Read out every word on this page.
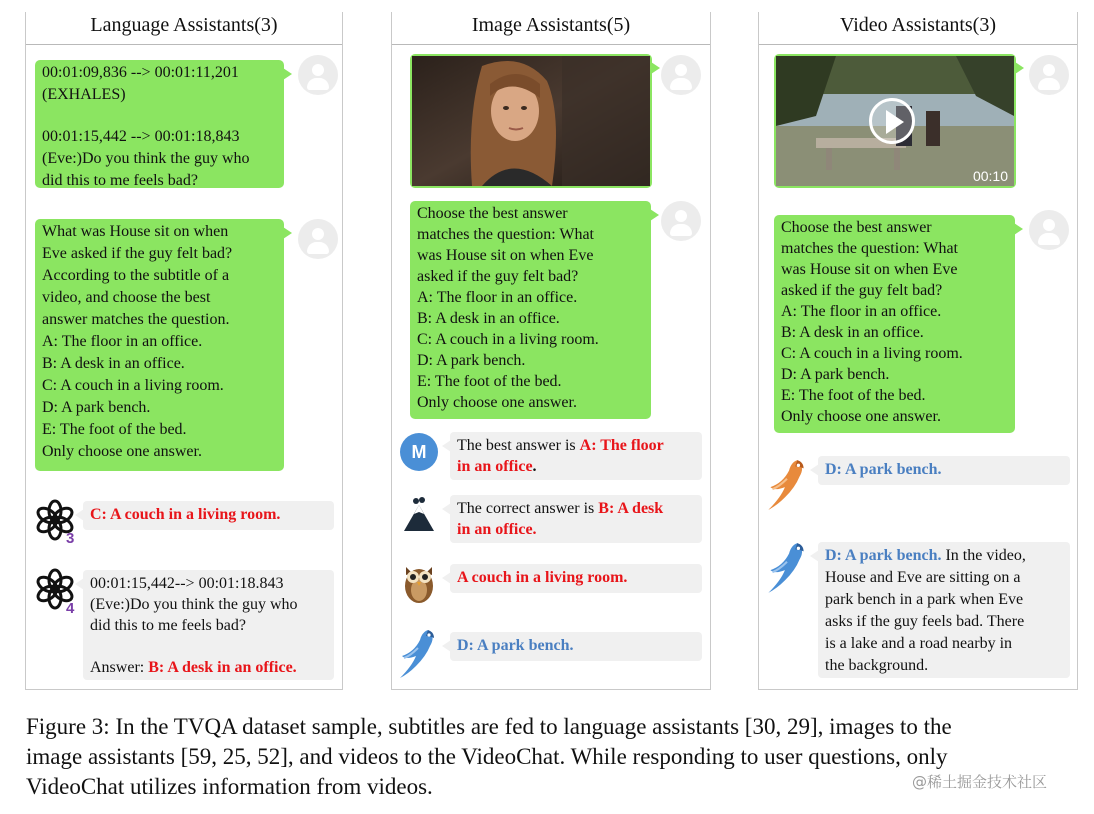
Language Assistants(3)
00:01:09,836 --> 00:01:11,201
(EXHALES)
00:01:15,442 --> 00:01:18,843
(Eve:)Do you think the guy who
did this to me feels bad?
What was House sit on when
Eve asked if the guy felt bad?
According to the subtitle of a
video, and choose the best
answer matches the question.
A: The floor in an office.
B: A desk in an office.
C: A couch in a living room.
D: A park bench.
E: The foot of the bed.
Only choose one answer.
3
C: A couch in a living room.
4
00:01:15,442--> 00:01:18.843
(Eve:)Do you think the guy who
did this to me feels bad?
Answer: B: A desk in an office.
Image Assistants(5)
Choose the best answer
matches the question: What
was House sit on when Eve
asked if the guy felt bad?
A: The floor in an office.
B: A desk in an office.
C: A couch in a living room.
D: A park bench.
E: The foot of the bed.
Only choose one answer.
M	The best answer is A: The floor
in an office.
The correct answer is B: A desk
in an office.
A couch in a living room.
D: A park bench.
Video Assistants(3)
00:10
Choose the best answer
matches the question: What
was House sit on when Eve
asked if the guy felt bad?
A: The floor in an office.
B: A desk in an office.
C: A couch in a living room.
D: A park bench.
E: The foot of the bed.
Only choose one answer.
D: A park bench.
D: A park bench. In the video,
House and Eve are sitting on a
park bench in a park when Eve
asks if the guy feels bad. There
is a lake and a road nearby in
the background.
Figure 3: In the TVQA dataset sample, subtitles are fed to language assistants [30, 29], images to the
image assistants [59, 25, 52], and videos to the VideoChat. While responding to user questions, only
VideoChat utilizes information from videos.	@稀土掘金技术社区
